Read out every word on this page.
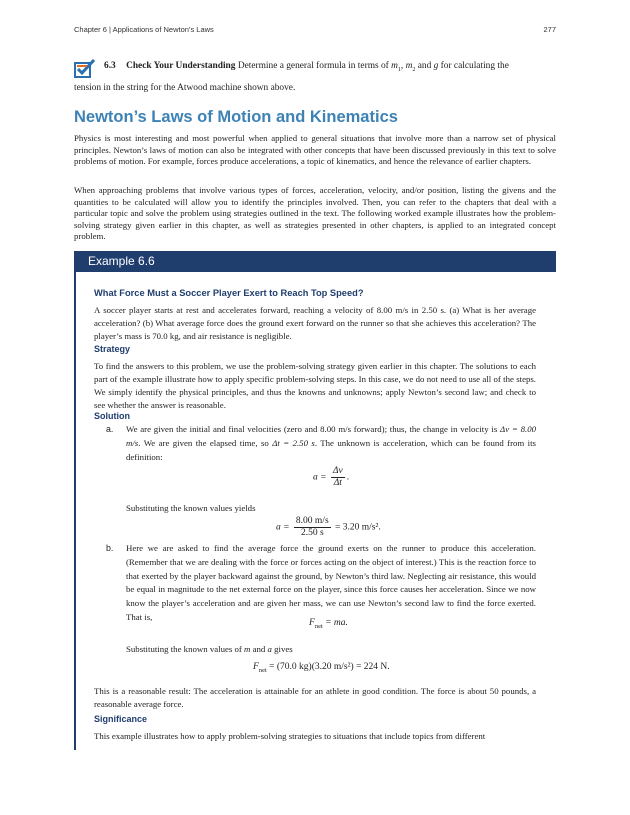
Chapter 6 | Applications of Newton’s Laws	277
6.3 Check Your Understanding Determine a general formula in terms of $m_1$, $m_2$ and g for calculating the
tension in the string for the Atwood machine shown above.
Newton’s Laws of Motion and Kinematics

Physics is most interesting and most powerful when applied to general situations that involve more than a narrow set of physical principles. Newton’s laws of motion can also be integrated with other concepts that have been discussed previously in this text to solve problems of motion. For example, forces produce accelerations, a topic of kinematics, and hence the relevance of earlier chapters.

When approaching problems that involve various types of forces, acceleration, velocity, and/or position, listing the givens and the quantities to be calculated will allow you to identify the principles involved. Then, you can refer to the chapters that deal with a particular topic and solve the problem using strategies outlined in the text. The following worked example illustrates how the problem-solving strategy given earlier in this chapter, as well as strategies presented in other chapters, is applied to an integrated concept problem.

Example 6.6
What Force Must a Soccer Player Exert to Reach Top Speed?

A soccer player starts at rest and accelerates forward, reaching a velocity of 8.00 m/s in 2.50 s. (a) What is her average acceleration? (b) What average force does the ground exert forward on the runner so that she achieves this acceleration? The player’s mass is 70.0 kg, and air resistance is negligible.

Strategy

To find the answers to this problem, we use the problem-solving strategy given earlier in this chapter. The solutions to each part of the example illustrate how to apply specific problem-solving steps. In this case, we do not need to use all of the steps. We simply identify the physical principles, and thus the knowns and unknowns; apply Newton’s second law; and check to see whether the answer is reasonable.

Solution
a. We are given the initial and final velocities (zero and 8.00 m/s forward); thus, the change in velocity is Δv = 8.00 m/s. We are given the elapsed time, so Δt = 2.50 s. The unknown is acceleration, which can be found from its definition:
$a = \frac{\Delta v}{\Delta t}$ .
Substituting the known values yields
$a = \frac{8.00 m/s}{2.50 s} = 3.20$ m/s².
b. Here we are asked to find the average force the ground exerts on the runner to produce this acceleration. (Remember that we are dealing with the force or forces acting on the object of interest.) This is the reaction force to that exerted by the player backward against the ground, by Newton’s third law. Neglecting air resistance, this would be equal in magnitude to the net external force on the player, since this force causes her acceleration. Since we now know the player’s acceleration and are given her mass, we can use Newton’s second law to find the force exerted. That is,
$F_{net}$ = ma.
Substituting the known values of m and a gives
$F_{net} = (70.0$ kg)(3.20 m/s²) = 224 N.

This is a reasonable result: The acceleration is attainable for an athlete in good condition. The force is about 50 pounds, a reasonable average force.

Significance

This example illustrates how to apply problem-solving strategies to situations that include topics from different
